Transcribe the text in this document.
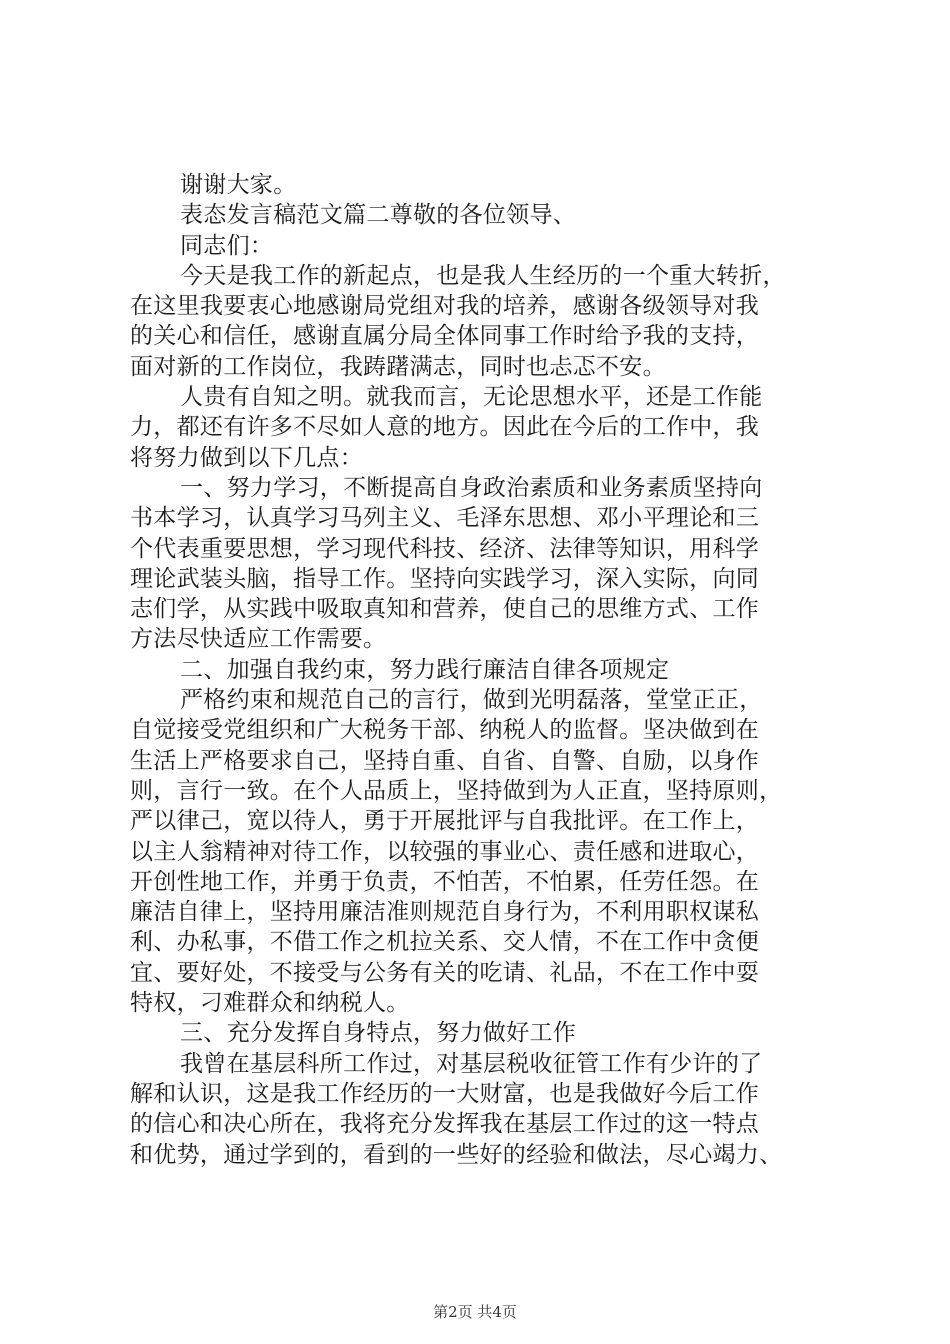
谢谢大家。
表态发言稿范文篇二尊敬的各位领导、
同志们：
今天是我工作的新起点，也是我人生经历的一个重大转折，
在这里我要衷心地感谢局党组对我的培养，感谢各级领导对我
的关心和信任，感谢直属分局全体同事工作时给予我的支持，
面对新的工作岗位，我踌躇满志，同时也忐忑不安。
人贵有自知之明。就我而言，无论思想水平，还是工作能
力，都还有许多不尽如人意的地方。因此在今后的工作中，我
将努力做到以下几点：
一、努力学习，不断提高自身政治素质和业务素质坚持向
书本学习，认真学习马列主义、毛泽东思想、邓小平理论和三
个代表重要思想，学习现代科技、经济、法律等知识，用科学
理论武装头脑，指导工作。坚持向实践学习，深入实际，向同
志们学，从实践中吸取真知和营养，使自己的思维方式、工作
方法尽快适应工作需要。
二、加强自我约束，努力践行廉洁自律各项规定
严格约束和规范自己的言行，做到光明磊落，堂堂正正，
自觉接受党组织和广大税务干部、纳税人的监督。坚决做到在
生活上严格要求自己，坚持自重、自省、自警、自励，以身作
则，言行一致。在个人品质上，坚持做到为人正直，坚持原则，
严以律己，宽以待人，勇于开展批评与自我批评。在工作上，
以主人翁精神对待工作，以较强的事业心、责任感和进取心，
开创性地工作，并勇于负责，不怕苦，不怕累，任劳任怨。在
廉洁自律上，坚持用廉洁准则规范自身行为，不利用职权谋私
利、办私事，不借工作之机拉关系、交人情，不在工作中贪便
宜、要好处，不接受与公务有关的吃请、礼品，不在工作中耍
特权，刁难群众和纳税人。
三、充分发挥自身特点，努力做好工作
我曾在基层科所工作过，对基层税收征管工作有少许的了
解和认识，这是我工作经历的一大财富，也是我做好今后工作
的信心和决心所在，我将充分发挥我在基层工作过的这一特点
和优势，通过学到的，看到的一些好的经验和做法，尽心竭力、
第2页 共4页
